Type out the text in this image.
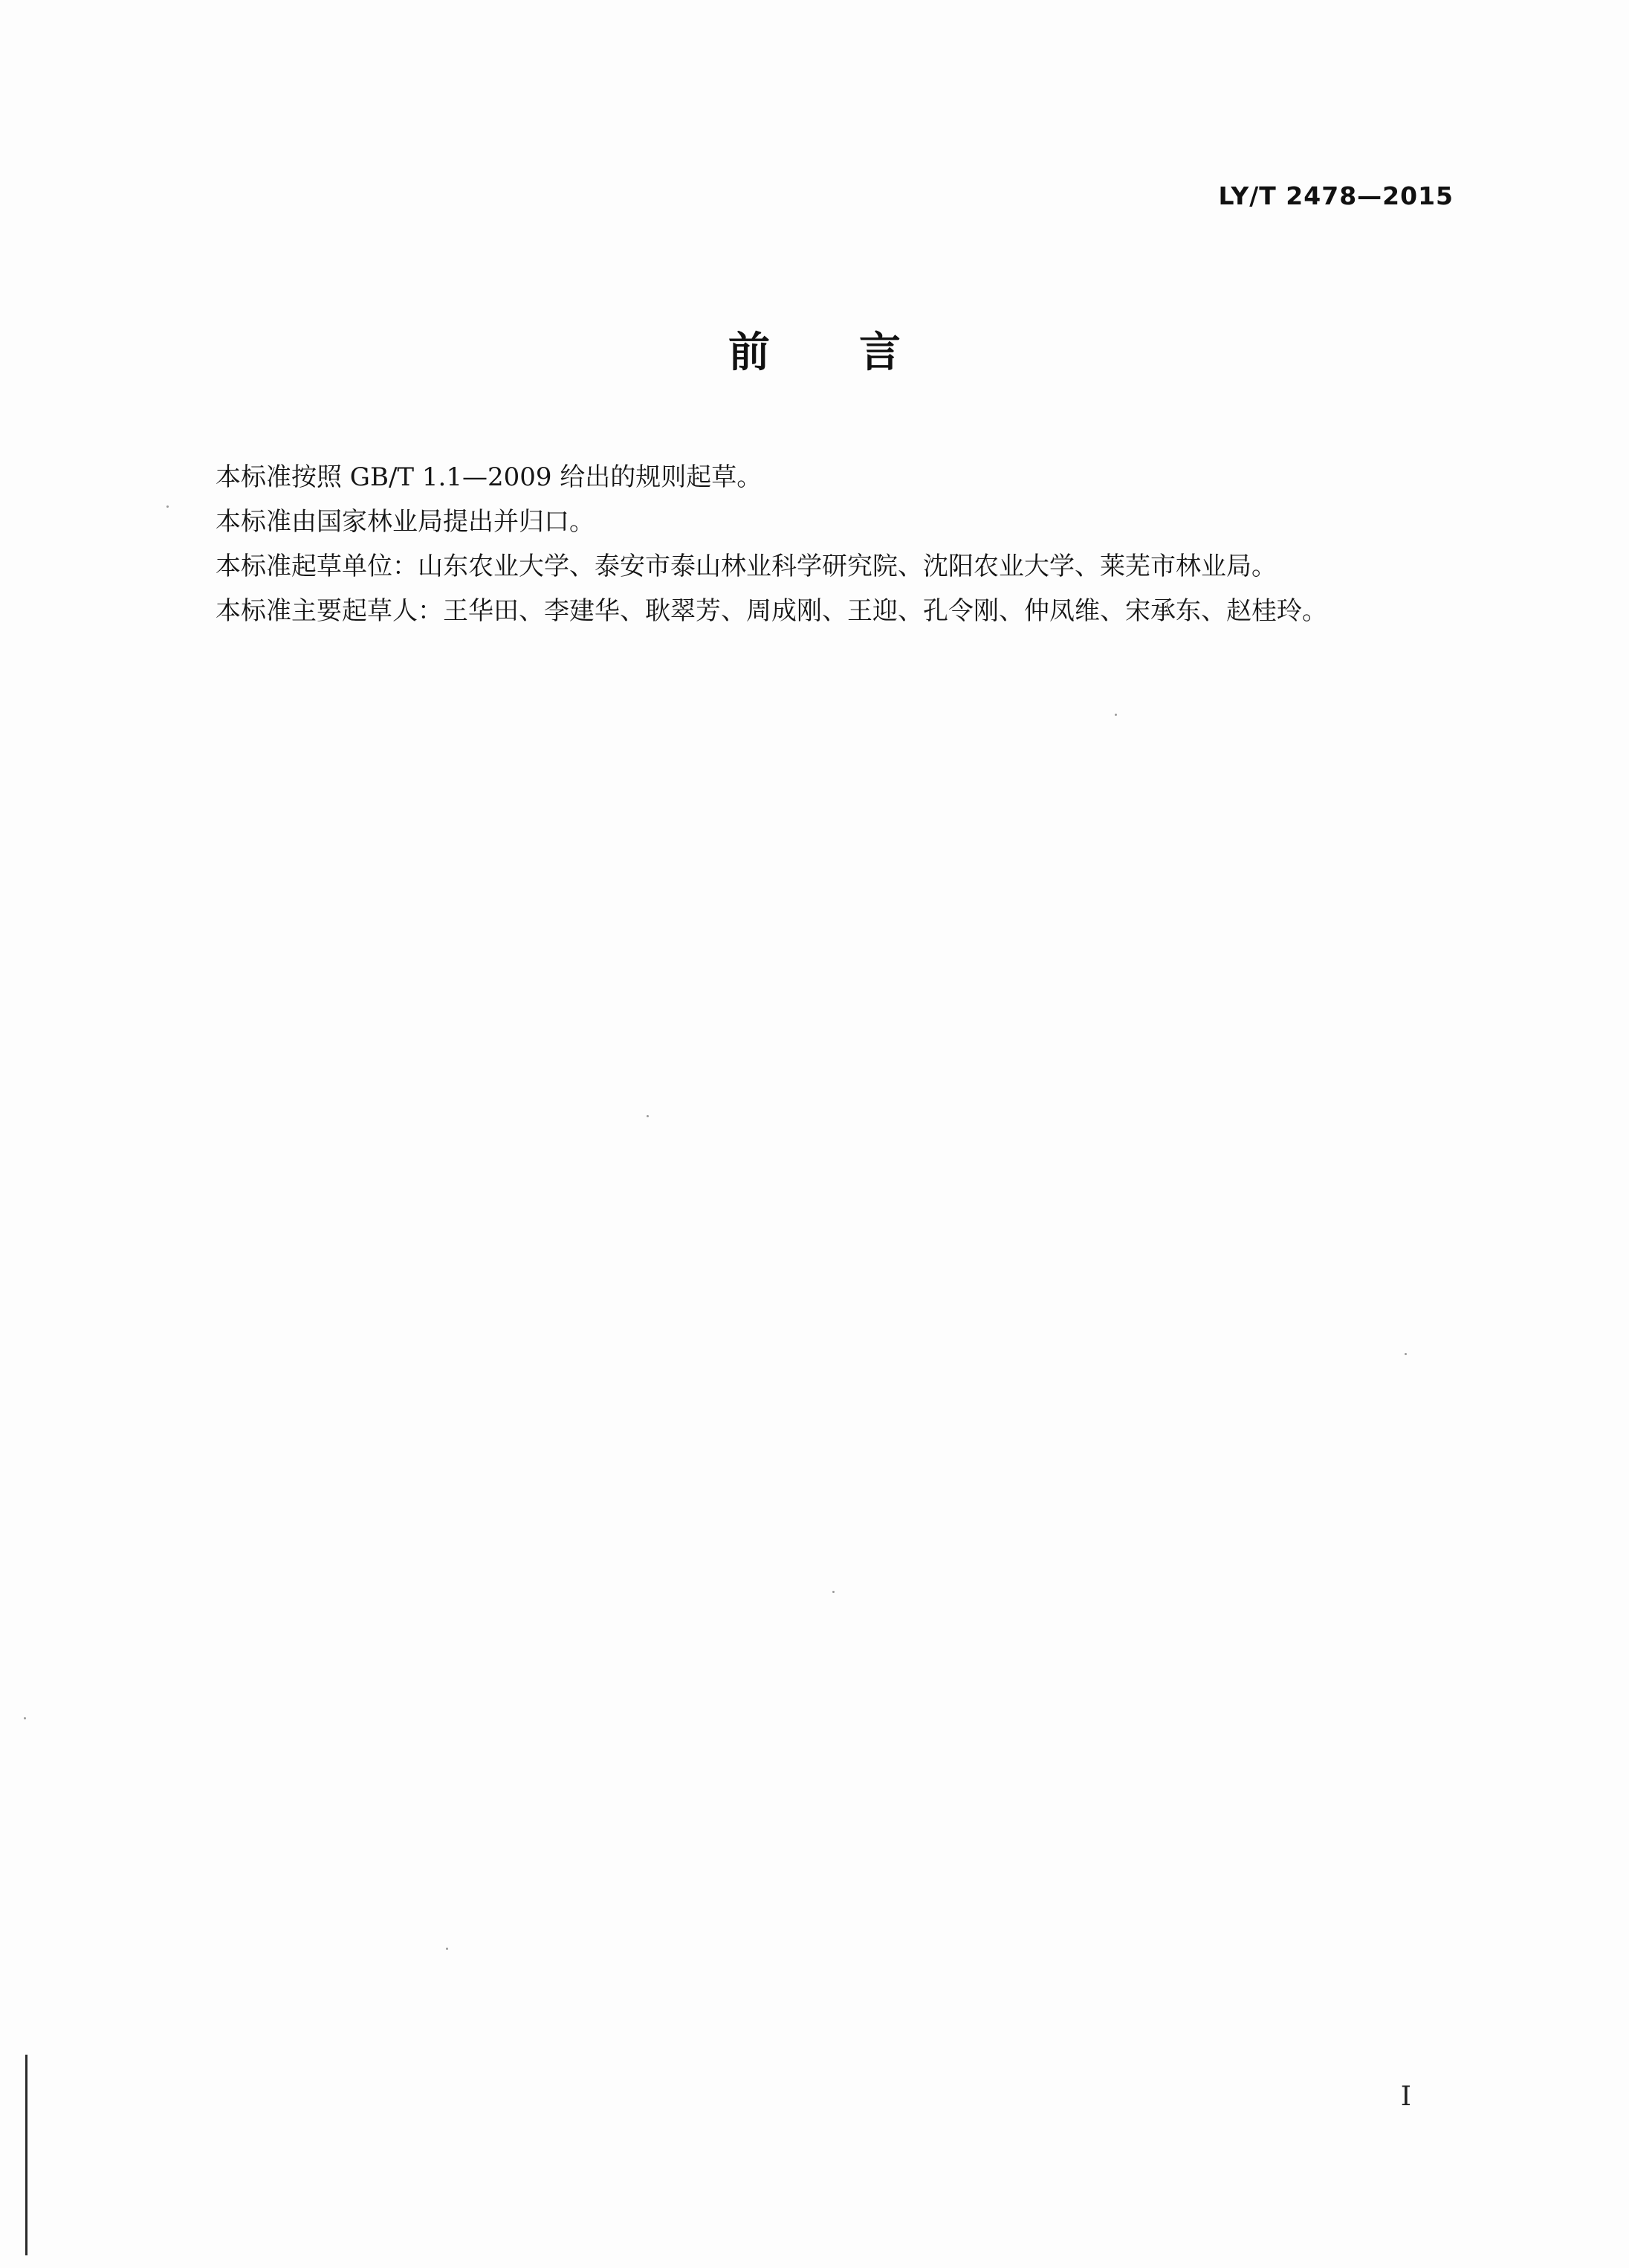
LY/T 2478—2015
前言
本标准按照 GB/T 1.1—2009 给出的规则起草。
本标准由国家林业局提出并归口。
本标准起草单位：山东农业大学、泰安市泰山林业科学研究院、沈阳农业大学、莱芜市林业局。
本标准主要起草人：王华田、李建华、耿翠芳、周成刚、王迎、孔令刚、仲凤维、宋承东、赵桂玲。
I
